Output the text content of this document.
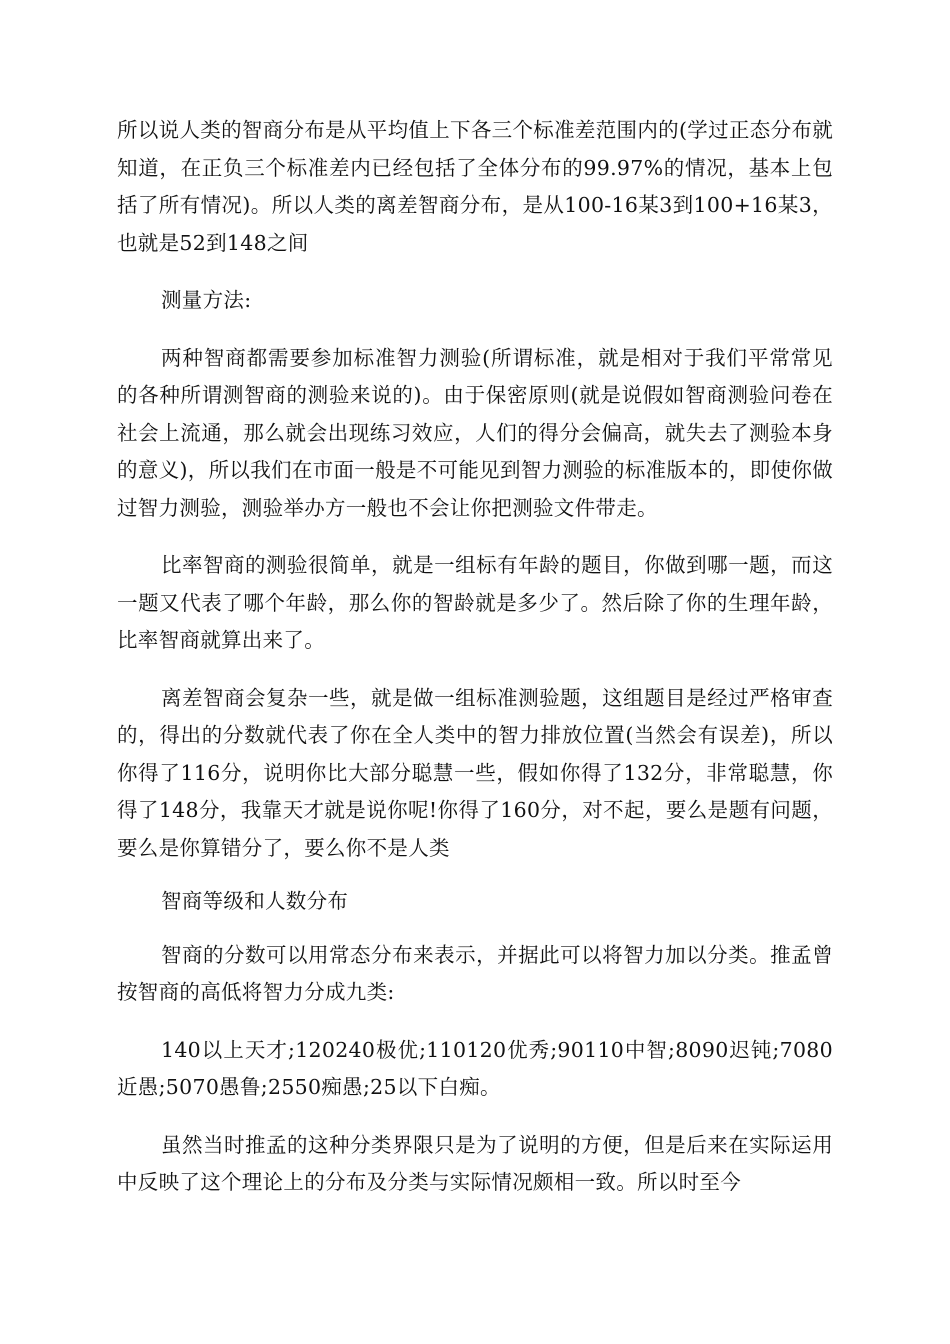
所以说人类的智商分布是从平均值上下各三个标准差范围内的(学过正态分布就知道，在正负三个标准差内已经包括了全体分布的99.97%的情况，基本上包括了所有情况)。所以人类的离差智商分布，是从100-16某3到100+16某3，也就是52到148之间

测量方法:

两种智商都需要参加标准智力测验(所谓标准，就是相对于我们平常常见的各种所谓测智商的测验来说的)。由于保密原则(就是说假如智商测验问卷在社会上流通，那么就会出现练习效应，人们的得分会偏高，就失去了测验本身的意义)，所以我们在市面一般是不可能见到智力测验的标准版本的，即使你做过智力测验，测验举办方一般也不会让你把测验文件带走。

比率智商的测验很简单，就是一组标有年龄的题目，你做到哪一题，而这一题又代表了哪个年龄，那么你的智龄就是多少了。然后除了你的生理年龄，比率智商就算出来了。

离差智商会复杂一些，就是做一组标准测验题，这组题目是经过严格审查的，得出的分数就代表了你在全人类中的智力排放位置(当然会有误差)，所以你得了116分，说明你比大部分聪慧一些，假如你得了132分，非常聪慧，你得了148分，我靠天才就是说你呢!你得了160分，对不起，要么是题有问题，要么是你算错分了，要么你不是人类

智商等级和人数分布

智商的分数可以用常态分布来表示，并据此可以将智力加以分类。推孟曾按智商的高低将智力分成九类:

140以上天才;120240极优;110120优秀;90110中智;8090迟钝;7080近愚;5070愚鲁;2550痴愚;25以下白痴。

虽然当时推孟的这种分类界限只是为了说明的方便，但是后来在实际运用中反映了这个理论上的分布及分类与实际情况颇相一致。所以时至今
